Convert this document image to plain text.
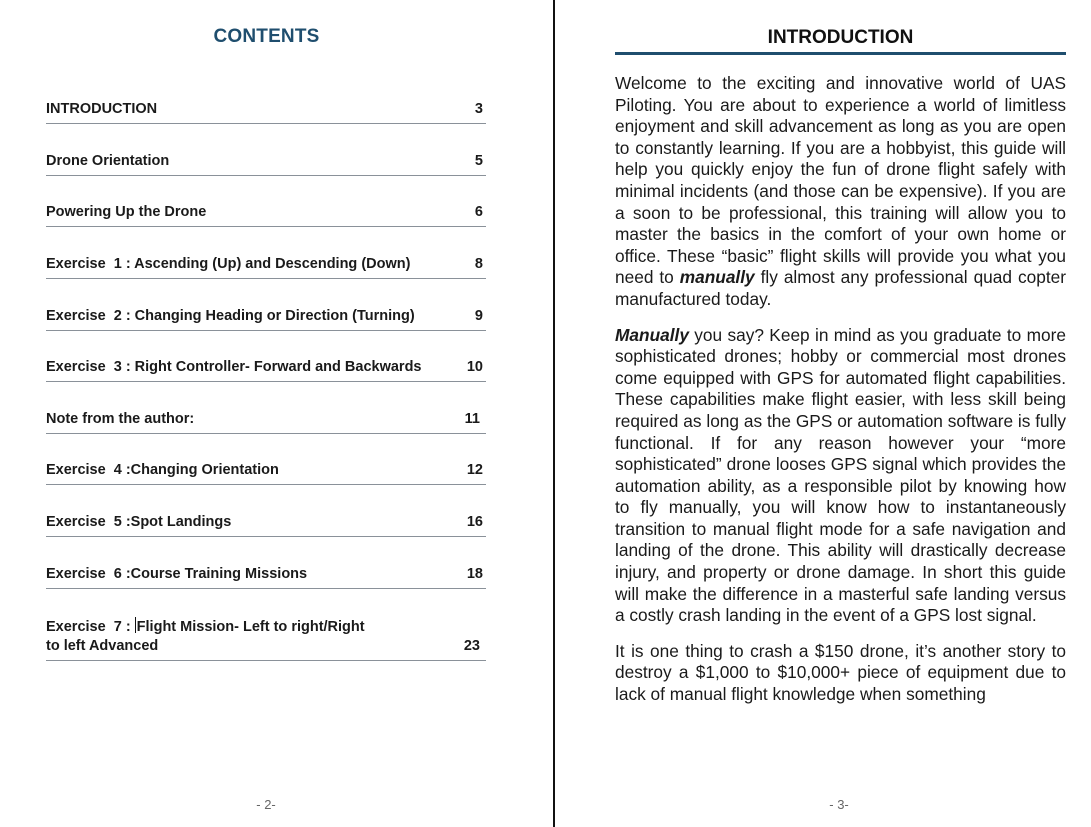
CONTENTS
INTRODUCTION	3
Drone Orientation	5
Powering Up the Drone	6
Exercise  1 : Ascending (Up) and Descending (Down)	8
Exercise  2 : Changing Heading or Direction (Turning)	9
Exercise  3 : Right Controller- Forward and Backwards	10
Note from the author:	11
Exercise  4 :Changing Orientation	12
Exercise  5 :Spot Landings	16
Exercise  6 :Course Training Missions	18
Exercise  7 : Flight Mission- Left to right/Right to left Advanced	23
- 2-
INTRODUCTION

Welcome to the exciting and innovative world of UAS Piloting. You are about to experience a world of limitless enjoyment and skill advancement as long as you are open to constantly learning. If you are a hobbyist, this guide will help you quickly enjoy the fun of drone flight safely with minimal incidents (and those can be expensive). If you are a soon to be professional, this training will allow you to master the basics in the comfort of your own home or office. These “basic” flight skills will provide you what you need to manually fly almost any professional quad copter manufactured today.

Manually you say? Keep in mind as you graduate to more sophisticated drones; hobby or commercial most drones come equipped with GPS for automated flight capabilities. These capabilities make flight easier, with less skill being required as long as the GPS or automation software is fully functional. If for any reason however your “more sophisticated” drone looses GPS signal which provides the automation ability, as a responsible pilot by knowing how to fly manually, you will know how to instantaneously transition to manual flight mode for a safe navigation and landing of the drone. This ability will drastically decrease injury, and property or drone damage. In short this guide will make the difference in a masterful safe landing versus a costly crash landing in the event of a GPS lost signal.

It is one thing to crash a $150 drone, it’s another story to destroy a $1,000 to $10,000+ piece of equipment due to lack of manual flight knowledge when something

- 3-
